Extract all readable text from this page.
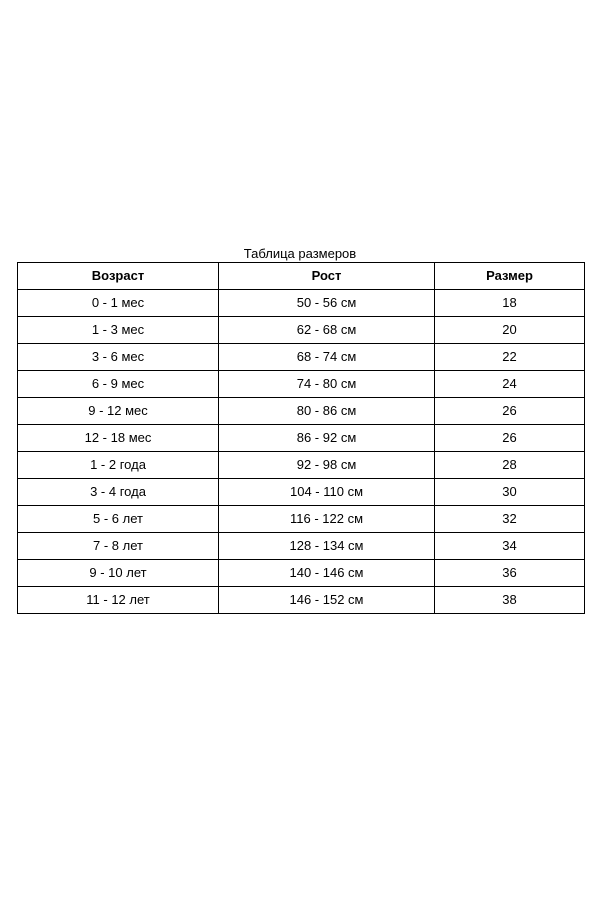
Таблица размеров
Возраст	Рост	Размер
0 - 1 мес	50 - 56 см	18
1 - 3 мес	62 - 68 см	20
3 - 6 мес	68 - 74 см	22
6 - 9 мес	74 - 80 см	24
9 - 12 мес	80 - 86 см	26
12 - 18 мес	86 - 92 см	26
1 - 2 года	92 - 98 см	28
3 - 4 года	104 - 110 см	30
5 - 6 лет	116 - 122 см	32
7 - 8 лет	128 - 134 см	34
9 - 10 лет	140 - 146 см	36
11 - 12 лет	146 - 152 см	38
